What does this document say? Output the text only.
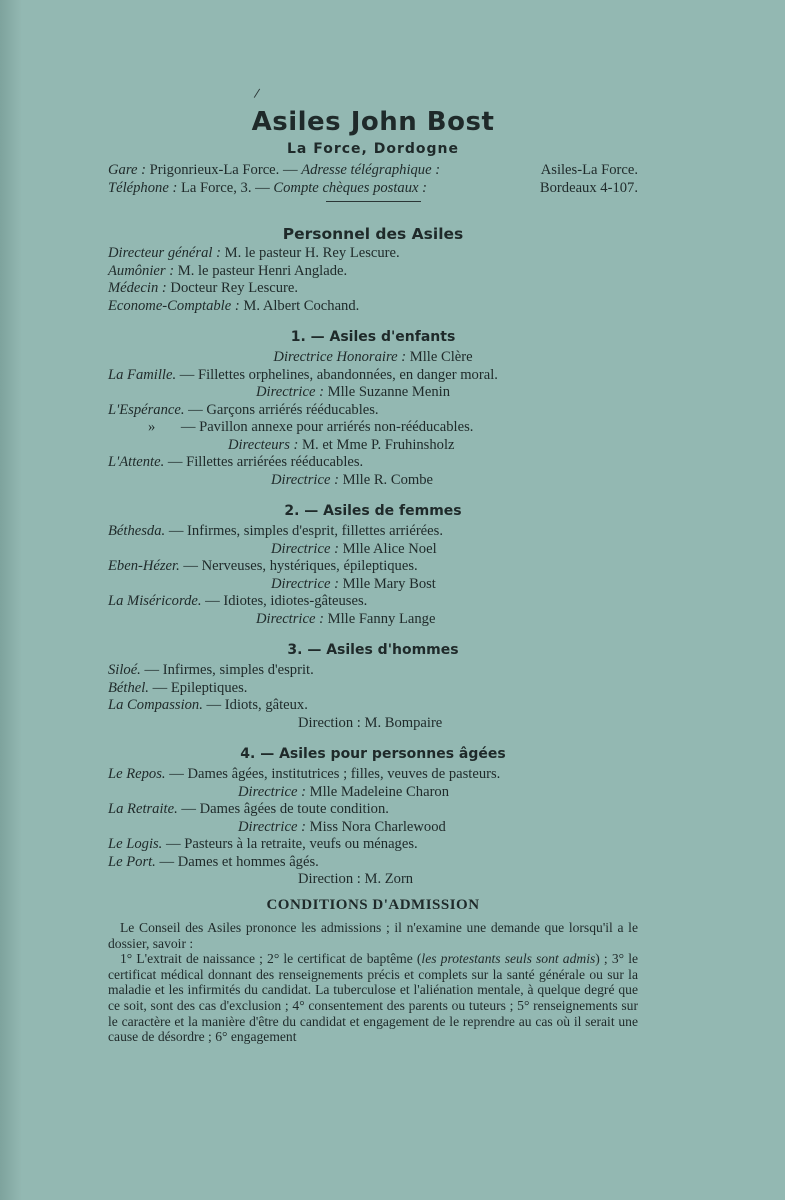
/
Asiles John Bost

La Force, Dordogne

Gare : Prigonrieux-La Force. — Adresse télégraphique :	Asiles-La Force.
Téléphone : La Force, 3. — Compte chèques postaux :	Bordeaux 4-107.
Personnel des Asiles

Directeur général : M. le pasteur H. Rey Lescure.

Aumônier : M. le pasteur Henri Anglade.

Médecin : Docteur Rey Lescure.

Econome-Comptable : M. Albert Cochand.

1. — Asiles d'enfants

Directrice Honoraire : Mlle Clère

La Famille. — Fillettes orphelines, abandonnées, en danger moral.

Directrice : Mlle Suzanne Menin

L'Espérance. — Garçons arriérés rééducables.

» — Pavillon annexe pour arriérés non-rééducables.

Directeurs : M. et Mme P. Fruhinsholz

L'Attente. — Fillettes arriérées rééducables.

Directrice : Mlle R. Combe

2. — Asiles de femmes

Béthesda. — Infirmes, simples d'esprit, fillettes arriérées.

Directrice : Mlle Alice Noel

Eben-Hézer. — Nerveuses, hystériques, épileptiques.

Directrice : Mlle Mary Bost

La Miséricorde. — Idiotes, idiotes-gâteuses.

Directrice : Mlle Fanny Lange

3. — Asiles d'hommes

Siloé. — Infirmes, simples d'esprit.

Béthel. — Epileptiques.

La Compassion. — Idiots, gâteux.

Direction : M. Bompaire

4. — Asiles pour personnes âgées

Le Repos. — Dames âgées, institutrices ; filles, veuves de pasteurs.

Directrice : Mlle Madeleine Charon

La Retraite. — Dames âgées de toute condition.

Directrice : Miss Nora Charlewood

Le Logis. — Pasteurs à la retraite, veufs ou ménages.

Le Port. — Dames et hommes âgés.

Direction : M. Zorn

CONDITIONS D'ADMISSION

Le Conseil des Asiles prononce les admissions ; il n'examine une demande que lorsqu'il a le dossier, savoir :

1° L'extrait de naissance ; 2° le certificat de baptême (les protestants seuls sont admis) ; 3° le certificat médical donnant des renseignements précis et complets sur la santé générale ou sur la maladie et les infirmités du candidat. La tuberculose et l'aliénation mentale, à quelque degré que ce soit, sont des cas d'exclusion ; 4° consentement des parents ou tuteurs ; 5° renseignements sur le caractère et la manière d'être du candidat et engagement de le reprendre au cas où il serait une cause de désordre ; 6° engagement
